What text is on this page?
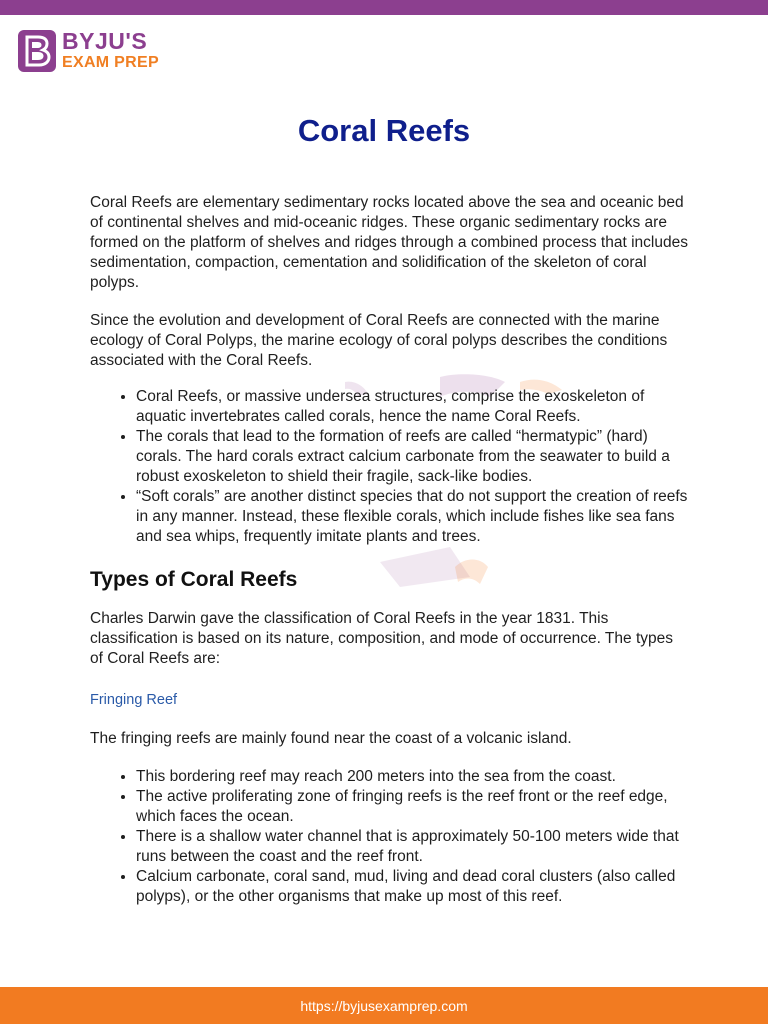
BYJU'S
EXAM PREP
Coral Reefs

Coral Reefs are elementary sedimentary rocks located above the sea and oceanic bed of continental shelves and mid-oceanic ridges. These organic sedimentary rocks are formed on the platform of shelves and ridges through a combined process that includes sedimentation, compaction, cementation and solidification of the skeleton of coral polyps.

Since the evolution and development of Coral Reefs are connected with the marine ecology of Coral Polyps, the marine ecology of coral polyps describes the conditions associated with the Coral Reefs.

• Coral Reefs, or massive undersea structures, comprise the exoskeleton of aquatic invertebrates called corals, hence the name Coral Reefs.
• The corals that lead to the formation of reefs are called “hermatypic” (hard) corals. The hard corals extract calcium carbonate from the seawater to build a robust exoskeleton to shield their fragile, sack-like bodies.
• “Soft corals” are another distinct species that do not support the creation of reefs in any manner. Instead, these flexible corals, which include fishes like sea fans and sea whips, frequently imitate plants and trees.
Types of Coral Reefs

Charles Darwin gave the classification of Coral Reefs in the year 1831. This classification is based on its nature, composition, and mode of occurrence. The types of Coral Reefs are:

Fringing Reef

The fringing reefs are mainly found near the coast of a volcanic island.

• This bordering reef may reach 200 meters into the sea from the coast.
• The active proliferating zone of fringing reefs is the reef front or the reef edge, which faces the ocean.
• There is a shallow water channel that is approximately 50-100 meters wide that runs between the coast and the reef front.
• Calcium carbonate, coral sand, mud, living and dead coral clusters (also called polyps), or the other organisms that make up most of this reef.
https://byjusexamprep.com
